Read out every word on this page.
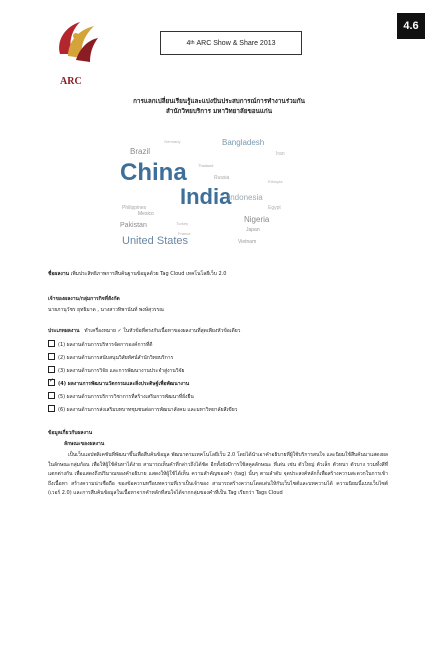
4.6
ARC
4 th
ARC Show & Share 2013
การแลกเปลี่ยนเรียนรู้และแบ่งปันประสบการณ์การทำงานร่วมกัน
สำนักวิทยบริการ มหาวิทยาลัยขอนแก่น
Brazil
Bangladesh
China
India
Indonesia
United States
Nigeria
Pakistan
Mexico
Japan
Vietnam
Russia
Iran
Philippines	Egypt
Germany
Thailand
Turkey
France
Ethiopia
ชื่อผลงาน เพิ่มประสิทธิภาพการสืบค้นฐานข้อมูลด้วย Tag Cloud เทคโนโลยีเว็บ 2.0
เจ้าของผลงาน/กลุ่มการกิจที่สังกัด
นายภานุวัชร ยุทธิมาด , นางสาวทิพานันท์ พงษ์สุวรรณ
ประเภทผลงาน ทำเครื่องหมาย ✓ ในหัวข้อที่ตรงกับเนื้อหาของผลงานที่สุดเพียงหัวข้อเดียว
(1) ผลงานด้านการบริหารจัดการองค์การที่ดี
(2) ผลงานด้านการสนับสนุนวิสัยทัศน์สำนักวิทยบริการ
(3) ผลงานด้านการวิจัย และการพัฒนางานประจำสู่งานวิจัย
✓(4) ผลงานการพัฒนานวัตกรรมและสิ่งประดิษฐ์เพื่อพัฒนางาน
(5) ผลงานด้านการบริการวิชาการที่สร้างเสริมการพัฒนาที่ยั่งยืน
(6) ผลงานด้านการส่งเสริมบทบาทชุมชนต่อการพัฒนาสังคม และมหาวิทยาลัยสีเขียว
ข้อมูลเกี่ยวกับผลงาน
ลักษณะของผลงาน
เป็นเว็บแอปพลิเคชันที่พัฒนาขึ้นเพื่อสืบค้นข้อมูล พัฒนาตามเทคโนโลยีเว็บ 2.0 โดยได้นำเอาคำอธิบายที่ผู้ใช้บริการสนใจ และนิยมใช้สืบค้นมาแสดงผลในลักษณะกลุ่มก้อน เพื่อให้ผู้ใช้ค้นหาได้ง่าย สามารถเห็นคำที่กล่าวถึงได้ชัด อีกทั้งยังมีการใช้สคูลลักษณะ ที่เด่น เช่น ตัวใหญ่ ตัวเล็ก ตัวหนา ตัวบาง รวมทั้งสีที่แตกต่างกัน เพื่อแสดงถึงปริมาณของคำอธิบาย แสดงให้ผู้ใช้ได้เห็น ความสำคัญของคำ (tag) นั้นๆ ตามลำดับ จุดประสงค์หลักก็เพื่อสร้างความสะดวกในการเข้าถึงเนื้อหา สร้างความน่าเชื่อถือ ของข้อความหรือบทความที่เราเป็นเจ้าของ สามารถสร้างความโดดเด่นให้กับเว็บไซต์และบทความได้ ความนิยมนี้แบบเว็บไซต์ (เวอร์ 2.0) และการสืบค้นข้อมูลในเนื้อหาจากคำหลักที่สนใจได้จากกลุ่มของคำที่เป็น Tag เรียกว่า Tags Cloud
